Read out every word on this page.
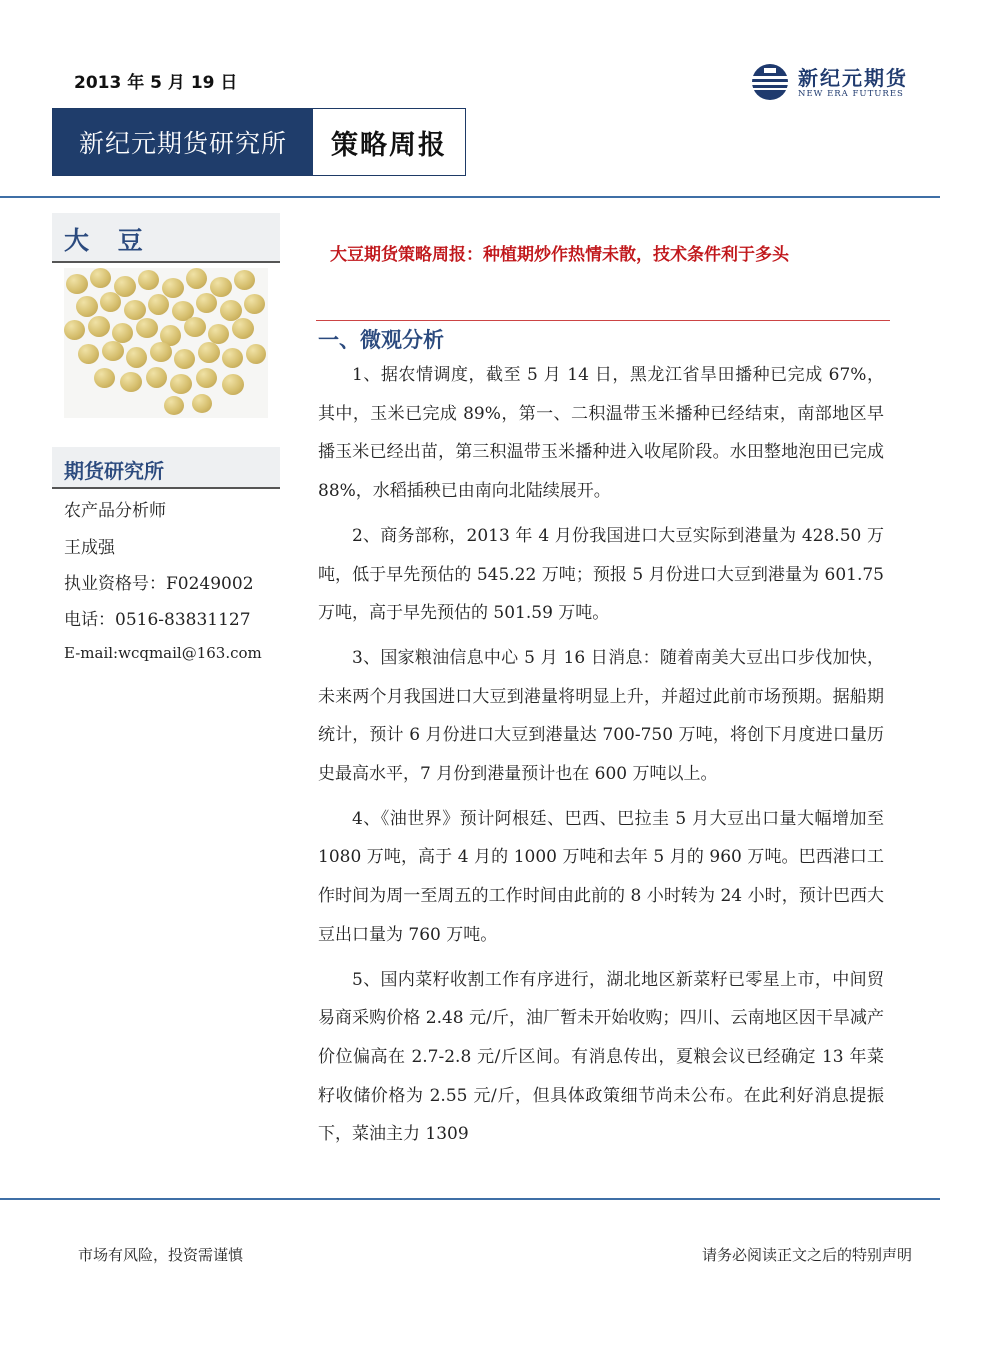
2013 年 5 月 19 日	新纪元期货
NEW ERA FUTURES
新纪元期货研究所	策略周报
大 豆
期货研究所
农产品分析师
王成强
执业资格号：F0249002
电话：0516-83831127
E-mail:wcqmail@163.com
大豆期货策略周报：种植期炒作热情未散，技术条件利于多头
一、微观分析

1、据农情调度，截至 5 月 14 日，黑龙江省旱田播种已完成 67%，其中，玉米已完成 89%，第一、二积温带玉米播种已经结束，南部地区早播玉米已经出苗，第三积温带玉米播种进入收尾阶段。水田整地泡田已完成 88%，水稻插秧已由南向北陆续展开。

2、商务部称，2013 年 4 月份我国进口大豆实际到港量为 428.50 万吨，低于早先预估的 545.22 万吨；预报 5 月份进口大豆到港量为 601.75 万吨，高于早先预估的 501.59 万吨。

3、国家粮油信息中心 5 月 16 日消息：随着南美大豆出口步伐加快，未来两个月我国进口大豆到港量将明显上升，并超过此前市场预期。据船期统计，预计 6 月份进口大豆到港量达 700-750 万吨，将创下月度进口量历史最高水平，7 月份到港量预计也在 600 万吨以上。

4、《油世界》预计阿根廷、巴西、巴拉圭 5 月大豆出口量大幅增加至 1080 万吨，高于 4 月的 1000 万吨和去年 5 月的 960 万吨。巴西港口工作时间为周一至周五的工作时间由此前的 8 小时转为 24 小时，预计巴西大豆出口量为 760 万吨。

5、国内菜籽收割工作有序进行，湖北地区新菜籽已零星上市，中间贸易商采购价格 2.48 元/斤，油厂暂未开始收购；四川、云南地区因干旱减产价位偏高在 2.7-2.8 元/斤区间。有消息传出，夏粮会议已经确定 13 年菜籽收储价格为 2.55 元/斤，但具体政策细节尚未公布。在此利好消息提振下，菜油主力 1309

市场有风险，投资需谨慎	请务必阅读正文之后的特别声明
